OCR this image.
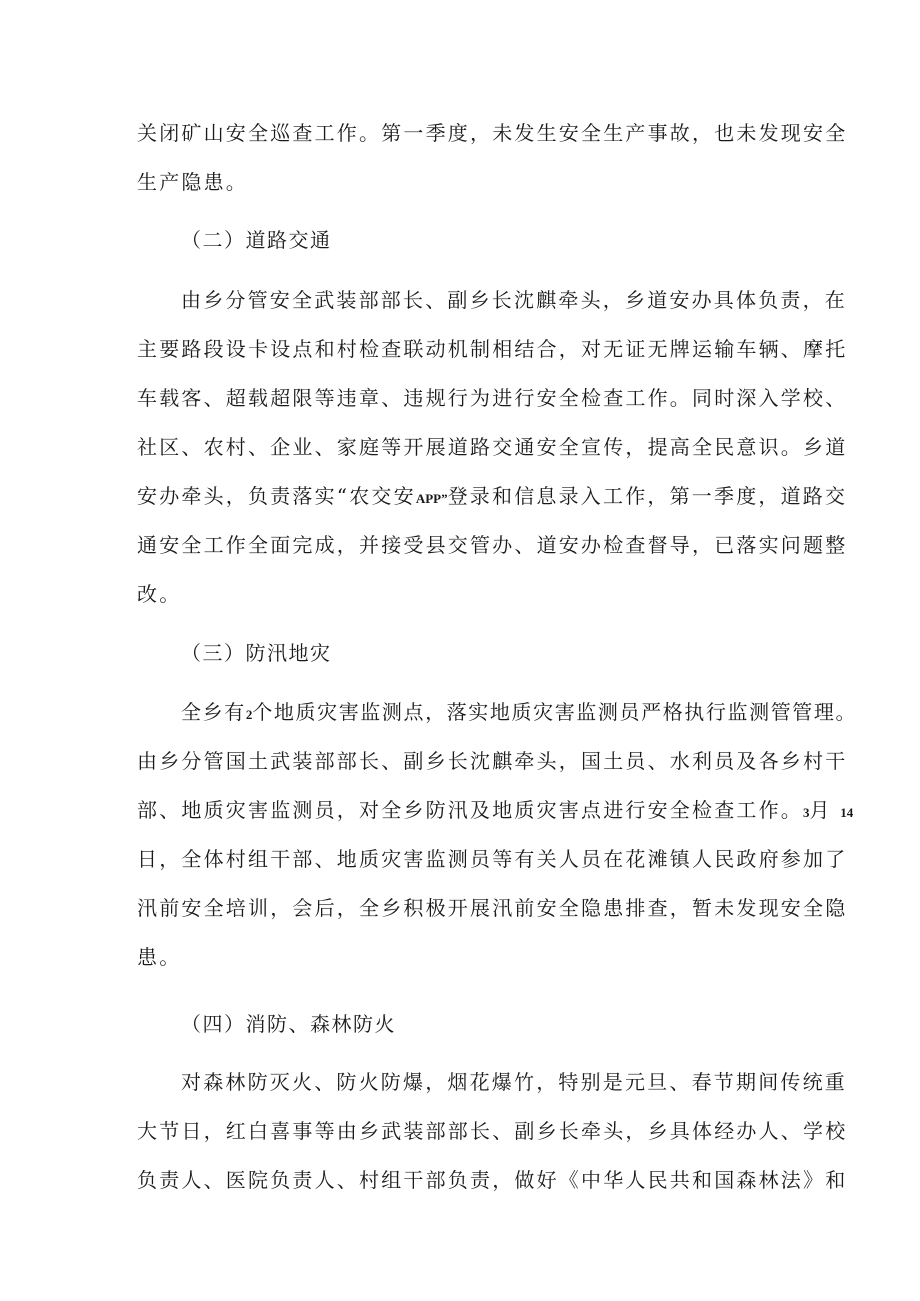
关闭矿山安全巡查工作。第一季度，未发生安全生产事故，也未发现安全
生产隐患。
（二）道路交通
由乡分管安全武装部部长、副乡长沈麒牵头，乡道安办具体负责，在
主要路段设卡设点和村检查联动机制相结合，对无证无牌运输车辆、摩托
车载客、超载超限等违章、违规行为进行安全检查工作。同时深入学校、
社区、农村、企业、家庭等开展道路交通安全宣传，提高全民意识。乡道
安办牵头，负责落实“农交安APP”登录和信息录入工作，第一季度，道路交
通安全工作全面完成，并接受县交管办、道安办检查督导，已落实问题整
改。
（三）防汛地灾
全乡有2个地质灾害监测点，落实地质灾害监测员严格执行监测管管理。
由乡分管国土武装部部长、副乡长沈麒牵头，国土员、水利员及各乡村干
部、地质灾害监测员，对全乡防汛及地质灾害点进行安全检查工作。3月 14
日，全体村组干部、地质灾害监测员等有关人员在花滩镇人民政府参加了
汛前安全培训，会后，全乡积极开展汛前安全隐患排查，暂未发现安全隐
患。
（四）消防、森林防火
对森林防灭火、防火防爆，烟花爆竹，特别是元旦、春节期间传统重
大节日，红白喜事等由乡武装部部长、副乡长牵头，乡具体经办人、学校
负责人、医院负责人、村组干部负责，做好《中华人民共和国森林法》和
